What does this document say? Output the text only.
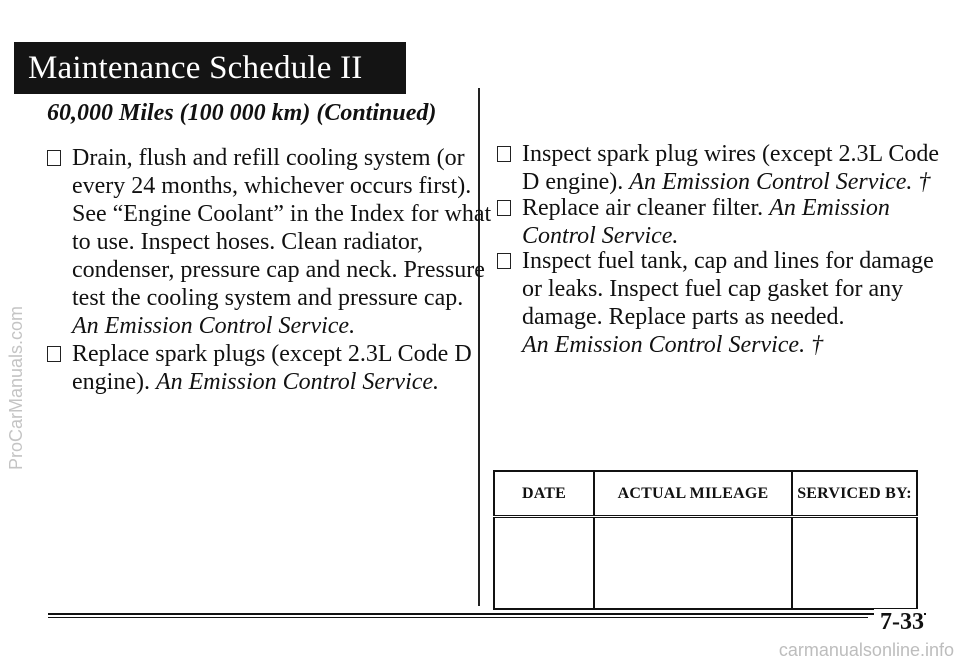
Maintenance Schedule II
60,000 Miles (100 000 km) (Continued)
Drain, flush and refill cooling system (or
every 24 months, whichever occurs first).
See “Engine Coolant” in the Index for what
to use. Inspect hoses. Clean radiator,
condenser, pressure cap and neck. Pressure
test the cooling system and pressure cap.
An Emission Control Service.
Replace spark plugs (except 2.3L Code D
engine). An Emission Control Service.
Inspect spark plug wires (except 2.3L Code
D engine). An Emission Control Service. †
Replace air cleaner filter. An Emission
Control Service.
Inspect fuel tank, cap and lines for damage
or leaks. Inspect fuel cap gasket for any
damage. Replace parts as needed.
An Emission Control Service. †
DATE	ACTUAL MILEAGE	SERVICED BY:

7-33
ProCarManuals.com
carmanualsonline.info
